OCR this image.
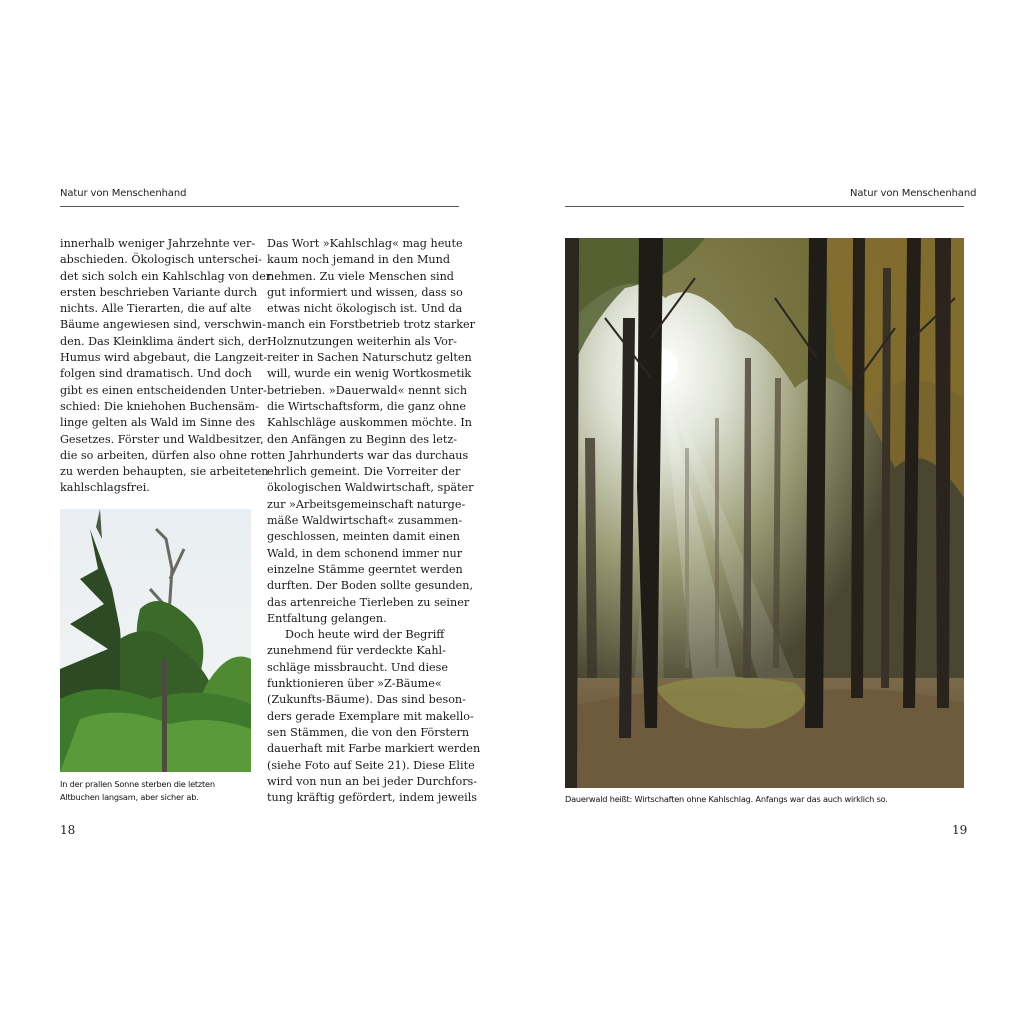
Natur von Menschenhand
innerhalb weniger Jahrzehnte ver-
abschieden. Ökologisch unterschei-
det sich solch ein Kahlschlag von der
ersten beschrieben Variante durch
nichts. Alle Tierarten, die auf alte
Bäume angewiesen sind, verschwin-
den. Das Kleinklima ändert sich, der
Humus wird abgebaut, die Langzeit-
folgen sind dramatisch. Und doch
gibt es einen entscheidenden Unter-
schied: Die kniehohen Buchensäm-
linge gelten als Wald im Sinne des
Gesetzes. Förster und Waldbesitzer,
die so arbeiten, dürfen also ohne rot
zu werden behaupten, sie arbeiteten
kahlschlagsfrei.
In der prallen Sonne sterben die letzten
Altbuchen langsam, aber sicher ab.
Das Wort »Kahlschlag« mag heute
kaum noch jemand in den Mund
nehmen. Zu viele Menschen sind
gut informiert und wissen, dass so
etwas nicht ökologisch ist. Und da
manch ein Forstbetrieb trotz starker
Holznutzungen weiterhin als Vor-
reiter in Sachen Naturschutz gelten
will, wurde ein wenig Wortkosmetik
betrieben. »Dauerwald« nennt sich
die Wirtschaftsform, die ganz ohne
Kahlschläge auskommen möchte. In
den Anfängen zu Beginn des letz-
ten Jahrhunderts war das durchaus
ehrlich gemeint. Die Vorreiter der
ökologischen Waldwirtschaft, später
zur »Arbeitsgemeinschaft naturge-
mäße Waldwirtschaft« zusammen-
geschlossen, meinten damit einen
Wald, in dem schonend immer nur
einzelne Stämme geerntet werden
durften. Der Boden sollte gesunden,
das artenreiche Tierleben zu seiner
Entfaltung gelangen.
Doch heute wird der Begriff
zunehmend für verdeckte Kahl-
schläge missbraucht. Und diese
funktionieren über »Z-Bäume«
(Zukunfts-Bäume). Das sind beson-
ders gerade Exemplare mit makello-
sen Stämmen, die von den Förstern
dauerhaft mit Farbe markiert werden
(siehe Foto auf Seite 21). Diese Elite
wird von nun an bei jeder Durchfors-
tung kräftig gefördert, indem jeweils
18
Natur von Menschenhand
Dauerwald heißt: Wirtschaften ohne Kahlschlag. Anfangs war das auch wirklich so.
19
